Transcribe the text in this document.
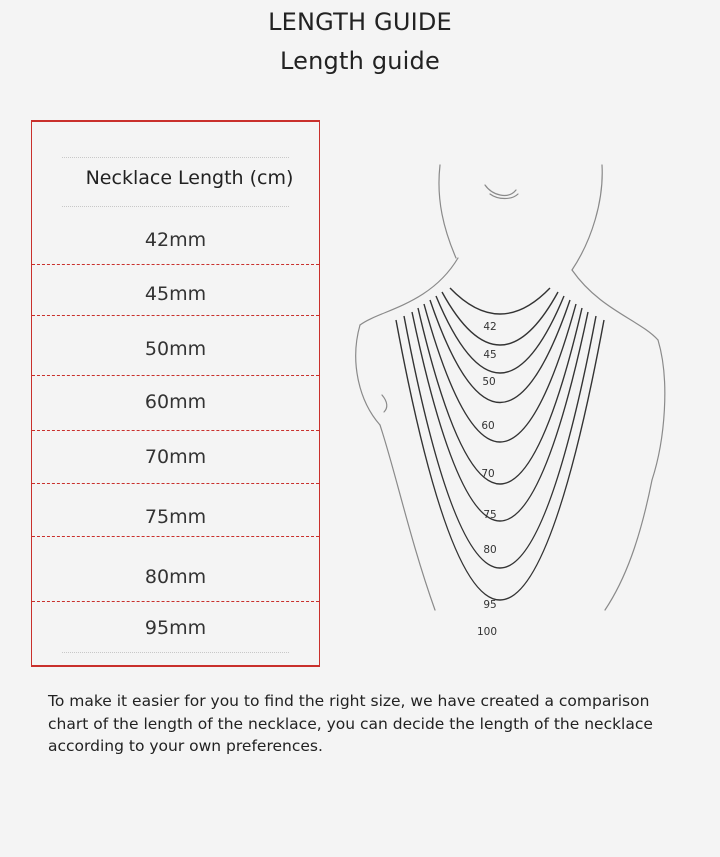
LENGTH GUIDE
Length guide
Necklace Length (cm)
42mm
45mm
50mm
60mm
70mm
75mm
80mm
95mm
42
45
50
60
70
75
80
95
100
To make it easier for you to find the right size, we have created a comparison chart of the length of the necklace, you can decide the length of the necklace according to your own preferences.
